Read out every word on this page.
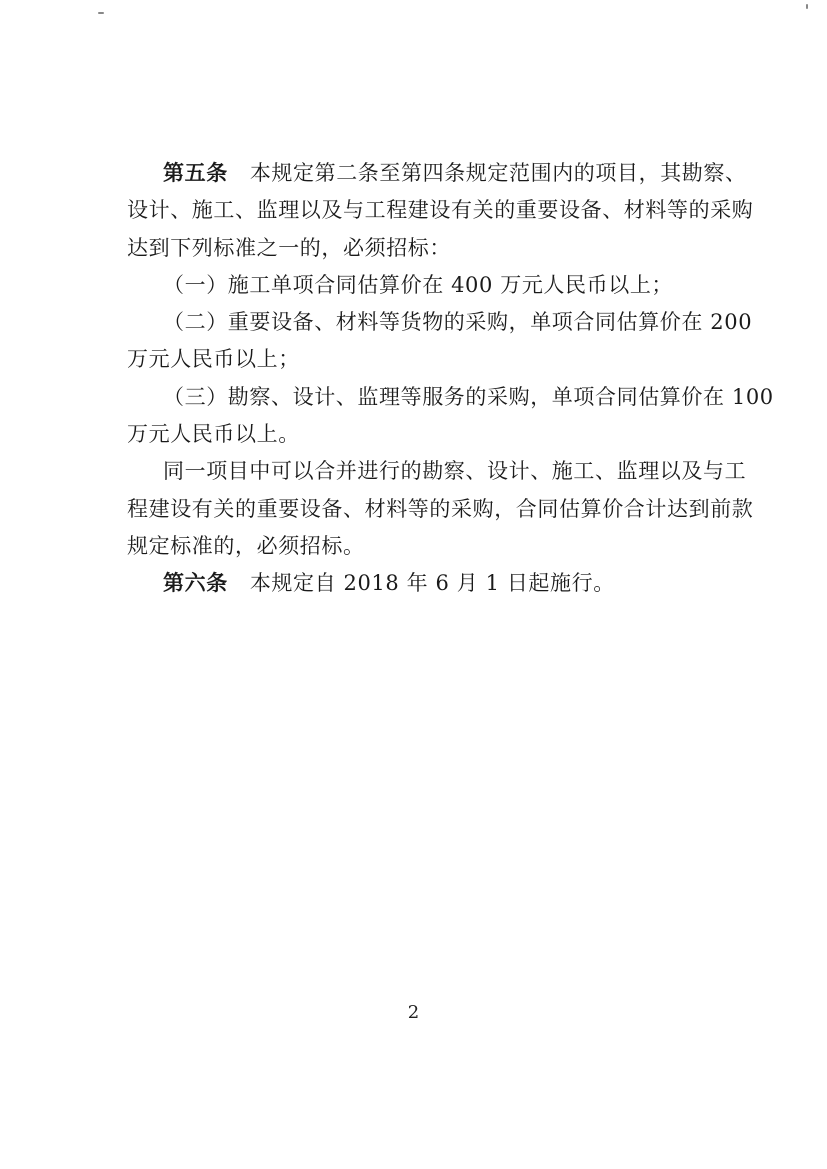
第五条 本规定第二条至第四条规定范围内的项目，其勘察、
设计、施工、监理以及与工程建设有关的重要设备、材料等的采购
达到下列标准之一的，必须招标：
（一）施工单项合同估算价在 400 万元人民币以上；
（二）重要设备、材料等货物的采购，单项合同估算价在 200
万元人民币以上；
（三）勘察、设计、监理等服务的采购，单项合同估算价在 100
万元人民币以上。
同一项目中可以合并进行的勘察、设计、施工、监理以及与工
程建设有关的重要设备、材料等的采购，合同估算价合计达到前款
规定标准的，必须招标。
第六条 本规定自 2018 年 6 月 1 日起施行。
2
